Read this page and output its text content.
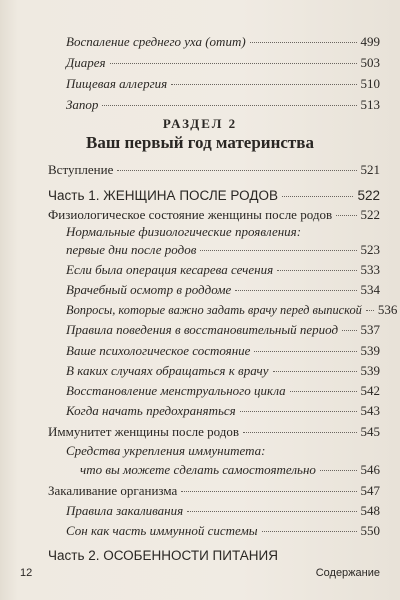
Воспаление среднего уха (отит)	499
Диарея	503
Пищевая аллергия	510
Запор	513
РАЗДЕЛ 2
Ваш первый год материнства
Вступление	521
Часть 1. ЖЕНЩИНА ПОСЛЕ РОДОВ	522
Физиологическое состояние женщины после родов 522
Нормальные физиологические проявления:
первые дни после родов	523
Если была операция кесарева сечения	533
Врачебный осмотр в роддоме	534
Вопросы, которые важно задать врачу перед выпиской 536
Правила поведения в восстановительный период 537
Ваше психологическое состояние	539
В каких случаях обращаться к врачу	539
Восстановление менструального цикла	542
Когда начать предохраняться	543
Иммунитет женщины после родов	545
Средства укрепления иммунитета:
что вы можете сделать самостоятельно	546
Закаливание организма	547
Правила закаливания	548
Сон как часть иммунной системы	550
Часть 2. ОСОБЕННОСТИ ПИТАНИЯ
12	Содержание
